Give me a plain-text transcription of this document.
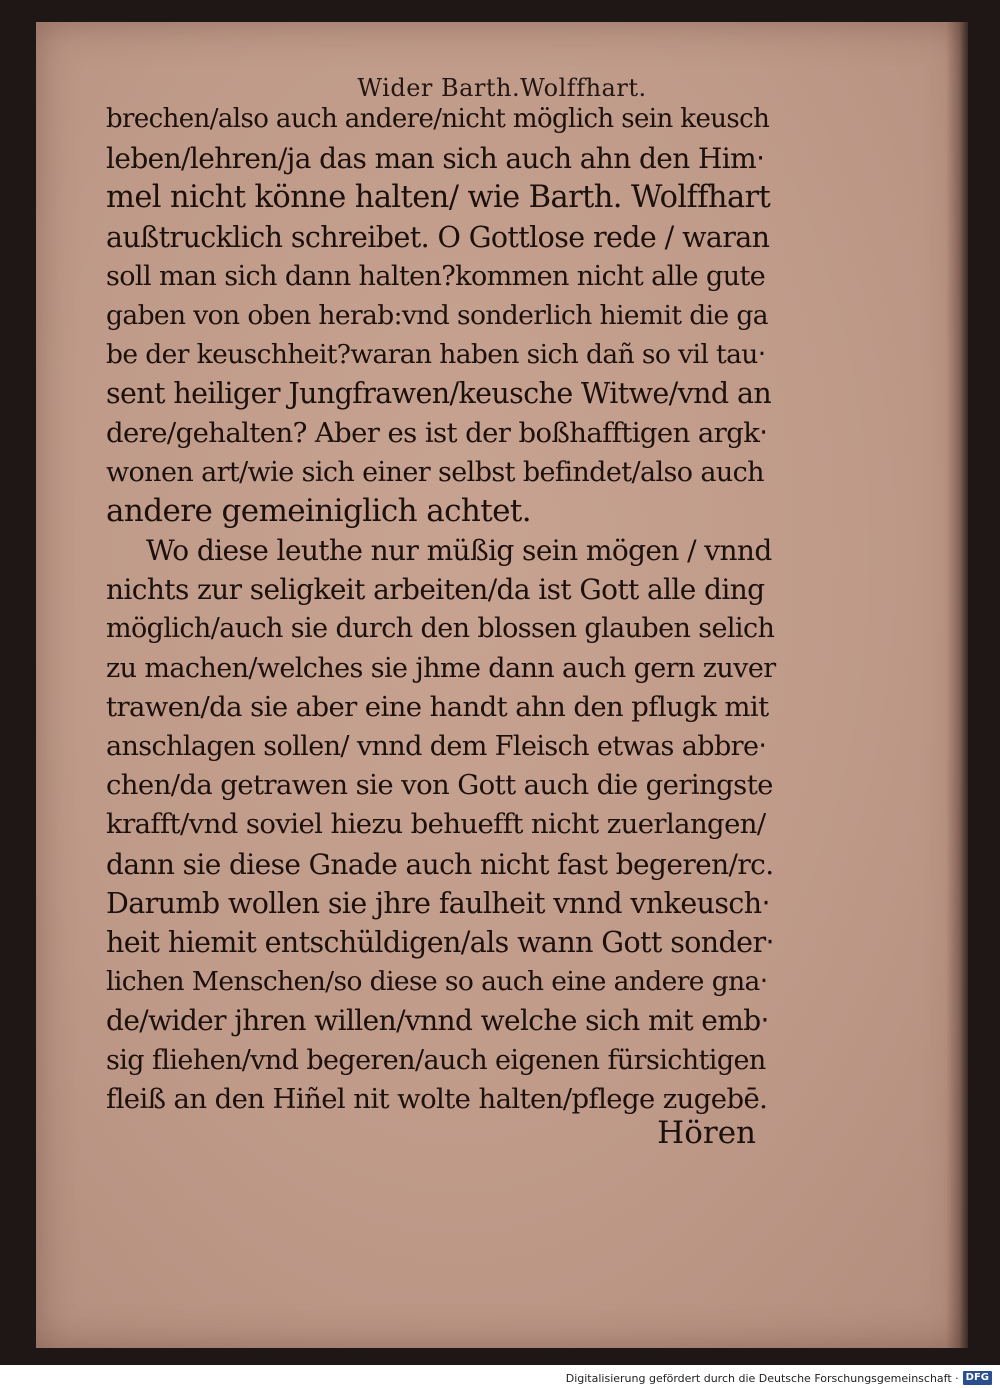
Wider Barth.Wolffhart.
brechen/also auch andere/nicht möglich sein keusch
leben/lehren/ja das man sich auch ahn den Him‧
mel nicht könne halten/ wie Barth. Wolffhart
außtrucklich schreibet. O Gottlose rede / waran
soll man sich dann halten?kommen nicht alle gute
gaben von oben herab:vnd sonderlich hiemit die ga
be der keuschheit?waran haben sich dañ so vil tau‧
sent heiliger Jungfrawen/keusche Witwe/vnd an
dere/gehalten? Aber es ist der boßhafftigen argk‧
wonen art/wie sich einer selbst befindet/also auch
andere gemeiniglich achtet.
Wo diese leuthe nur müßig sein mögen / vnnd
nichts zur seligkeit arbeiten/da ist Gott alle ding
möglich/auch sie durch den blossen glauben selich
zu machen/welches sie jhme dann auch gern zuver
trawen/da sie aber eine handt ahn den pflugk mit
anschlagen sollen/ vnnd dem Fleisch etwas abbre‧
chen/da getrawen sie von Gott auch die geringste
krafft/vnd soviel hiezu behuefft nicht zuerlangen/
dann sie diese Gnade auch nicht fast begeren/rc.
Darumb wollen sie jhre faulheit vnnd vnkeusch‧
heit hiemit entschüldigen/als wann Gott sonder‧
lichen Menschen/so diese so auch eine andere gna‧
de/wider jhren willen/vnnd welche sich mit emb‧
sig fliehen/vnd begeren/auch eigenen fürsichtigen
fleiß an den Hiñel nit wolte halten/pflege zugebē.
Hören
Digitalisierung gefördert durch die Deutsche Forschungsgemeinschaft · DFG
